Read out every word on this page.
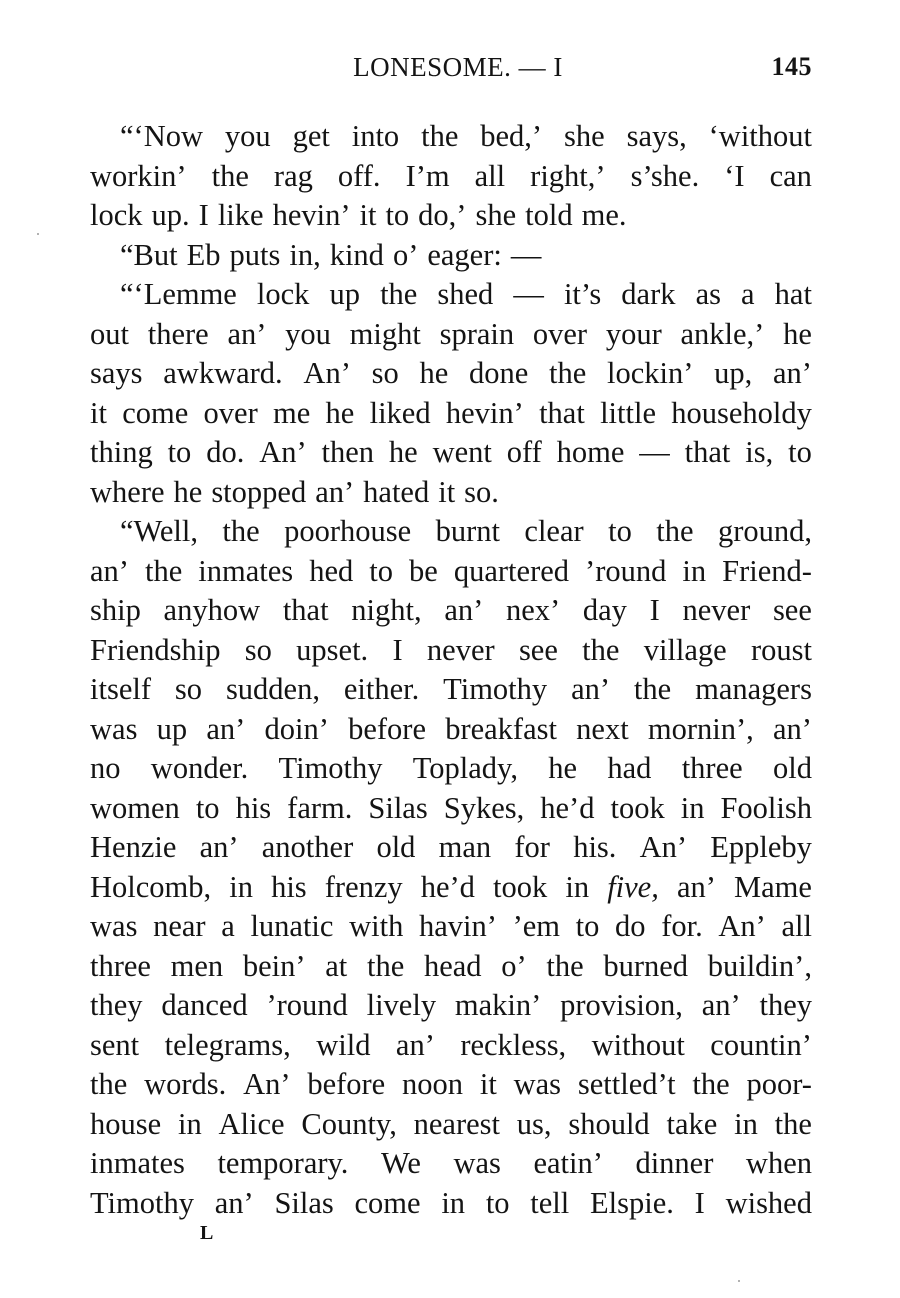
LONESOME. — I	145
“‘Now you get into the bed,’ she says, ‘without
workin’ the rag off. I’m all right,’ s’she. ‘I can
lock up. I like hevin’ it to do,’ she told me.
“But Eb puts in, kind o’ eager: —
“‘Lemme lock up the shed — it’s dark as a hat
out there an’ you might sprain over your ankle,’ he
says awkward. An’ so he done the lockin’ up, an’
it come over me he liked hevin’ that little householdy
thing to do. An’ then he went off home — that is, to
where he stopped an’ hated it so.
“Well, the poorhouse burnt clear to the ground,
an’ the inmates hed to be quartered ’round in Friend-
ship anyhow that night, an’ nex’ day I never see
Friendship so upset. I never see the village roust
itself so sudden, either. Timothy an’ the managers
was up an’ doin’ before breakfast next mornin’, an’
no wonder. Timothy Toplady, he had three old
women to his farm. Silas Sykes, he’d took in Foolish
Henzie an’ another old man for his. An’ Eppleby
Holcomb, in his frenzy he’d took in five, an’ Mame
was near a lunatic with havin’ ’em to do for. An’ all
three men bein’ at the head o’ the burned buildin’,
they danced ’round lively makin’ provision, an’ they
sent telegrams, wild an’ reckless, without countin’
the words. An’ before noon it was settled’t the poor-
house in Alice County, nearest us, should take in the
inmates temporary. We was eatin’ dinner when
Timothy an’ Silas come in to tell Elspie. I wished
L
